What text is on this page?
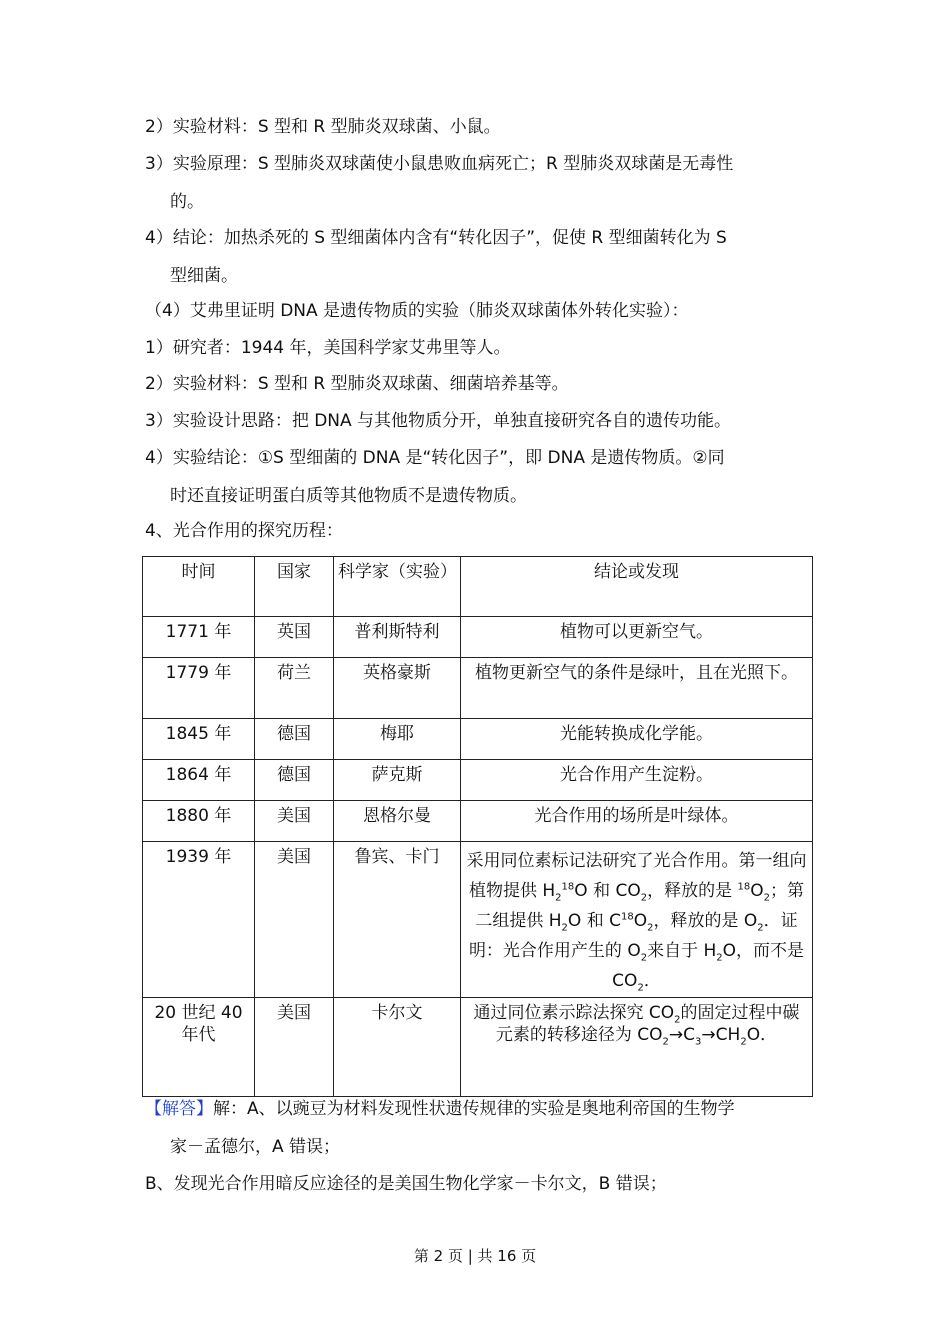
2）实验材料：S 型和 R 型肺炎双球菌、小鼠。
3）实验原理：S 型肺炎双球菌使小鼠患败血病死亡；R 型肺炎双球菌是无毒性
的。
4）结论：加热杀死的 S 型细菌体内含有“转化因子”，促使 R 型细菌转化为 S
型细菌。
（4）艾弗里证明 DNA 是遗传物质的实验（肺炎双球菌体外转化实验）：
1）研究者：1944 年，美国科学家艾弗里等人。
2）实验材料：S 型和 R 型肺炎双球菌、细菌培养基等。
3）实验设计思路：把 DNA 与其他物质分开，单独直接研究各自的遗传功能。
4）实验结论：①S 型细菌的 DNA 是“转化因子”，即 DNA 是遗传物质。②同
时还直接证明蛋白质等其他物质不是遗传物质。
4、光合作用的探究历程：
时间	国家	科学家（实验）	结论或发现
1771 年	英国	普利斯特利	植物可以更新空气。
1779 年	荷兰	英格豪斯	植物更新空气的条件是绿叶，且在光照下。
1845 年	德国	梅耶	光能转换成化学能。
1864 年	德国	萨克斯	光合作用产生淀粉。
1880 年	美国	恩格尔曼	光合作用的场所是叶绿体。
1939 年	美国	鲁宾、卡门	采用同位素标记法研究了光合作用。第一组向植物提供 $H_2^{18}O$ 和 $CO_2$，释放的是 $^{18}O_2$；第二组提供 $H_2O$ 和 $C^{18}O_2$，释放的是 $O_2$．证明：光合作用产生的 $O_2$来自于 $H_2O$，而不是 $CO_2$．
20 世纪 40 年代	美国	卡尔文	通过同位素示踪法探究 $CO_2$的固定过程中碳元素的转移途径为 $CO_2\to C_3\to CH_2O$．
【解答】解：A、以豌豆为材料发现性状遗传规律的实验是奥地利帝国的生物学
家－孟德尔，A 错误；
B、发现光合作用暗反应途径的是美国生物化学家－卡尔文，B 错误；
第 2 页 | 共 16 页
